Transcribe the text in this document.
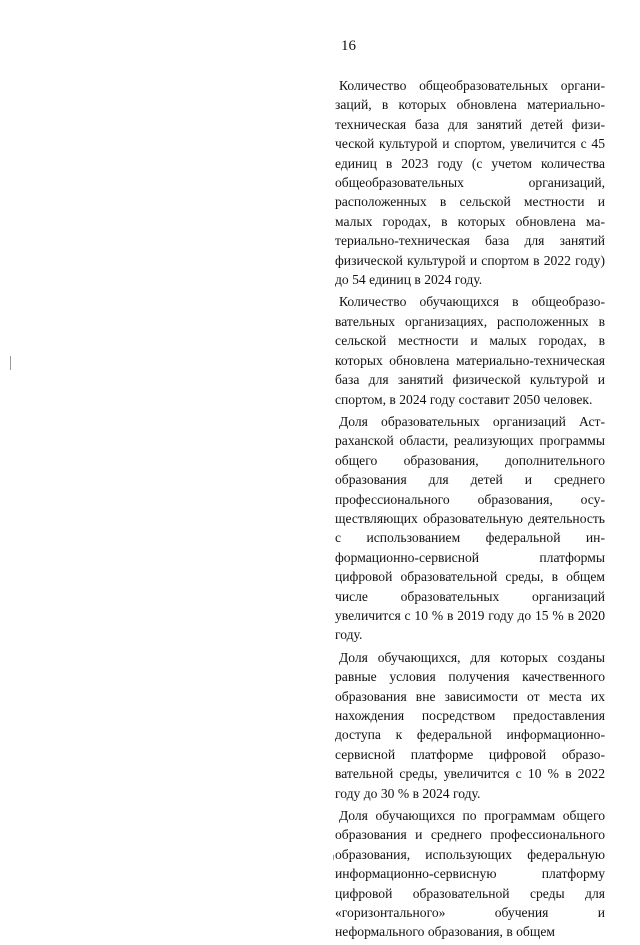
16

Количество общеобразовательных организаций, в которых обновлена материально-техническая база для занятий детей физической культурой и спортом, увеличится с 45 единиц в 2023 году (с учетом количества общеобразовательных организаций, расположенных в сельской местности и малых городах, в которых обновлена материально-техническая база для занятий физической культурой и спортом в 2022 году) до 54 единиц в 2024 году.

Количество обучающихся в общеобразовательных организациях, расположенных в сельской местности и малых городах, в которых обновлена материально-техническая база для занятий физической культурой и спортом, в 2024 году составит 2050 человек.

Доля образовательных организаций Астраханской области, реализующих программы общего образования, дополнительного образования для детей и среднего профессионального образования, осуществляющих образовательную деятельность с использованием федеральной информационно-сервисной платформы цифровой образовательной среды, в общем числе образовательных организаций увеличится с 10 % в 2019 году до 15 % в 2020 году.

Доля обучающихся, для которых созданы равные условия получения качественного образования вне зависимости от места их нахождения посредством предоставления доступа к федеральной информационно-сервисной платформе цифровой образовательной среды, увеличится с 10 % в 2022 году до 30 % в 2024 году.

Доля обучающихся по программам общего образования и среднего профессионального образования, использующих федеральную информационно-сервисную платформу цифровой образовательной среды для «горизонтального» обучения и неформального образования, в общем
